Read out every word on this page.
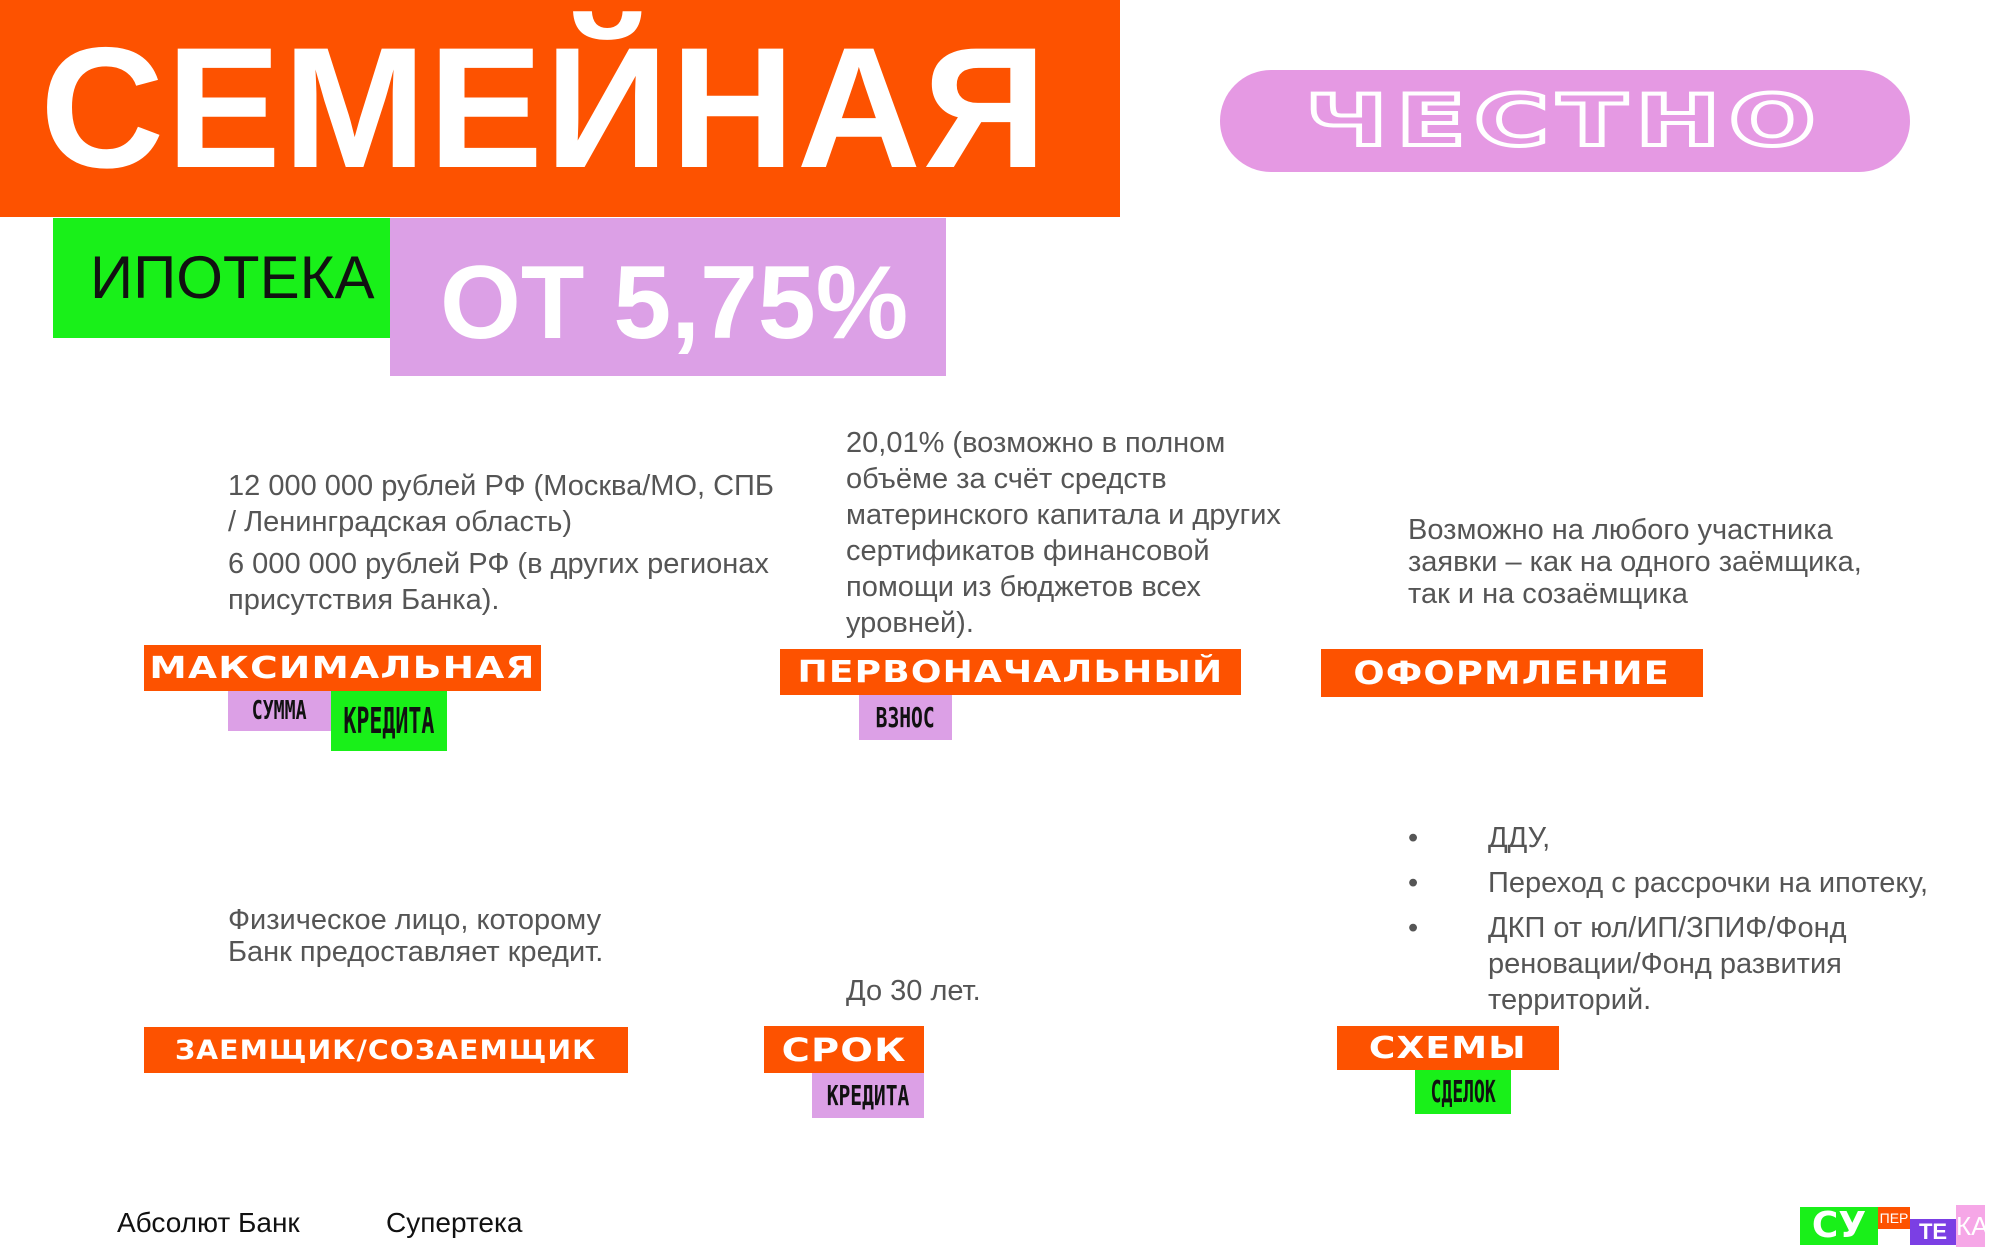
СЕМЕЙНАЯ
ИПОТЕКА ОТ 5,75%
ЧЕСТНО

12 000 000 рублей РФ (Москва/МО, СПБ / Ленинградская область)

6 000 000 рублей РФ (в других регионах присутствия Банка).

МАКСИМАЛЬНАЯ
СУММА КРЕДИТА

20,01% (возможно в полном объёме за счёт средств материнского капитала и других сертификатов финансовой помощи из бюджетов всех уровней).

ПЕРВОНАЧАЛЬНЫЙ
ВЗНОС

Возможно на любого участника заявки – как на одного заёмщика, так и на созаёмщика

ОФОРМЛЕНИЕ

Физическое лицо, которому Банк предоставляет кредит.

ЗАЕМЩИК/СОЗАЕМЩИК

До 30 лет.

СРОК
КРЕДИТА
• ДДУ,
• Переход с рассрочки на ипотеку,
• ДКП от юл/ИП/ЗПИФ/Фонд реновации/Фонд развития территорий.
СХЕМЫ
СДЕЛОК
Абсолют Банк	Супертека	СУ ПЕР
ТЕ КА
